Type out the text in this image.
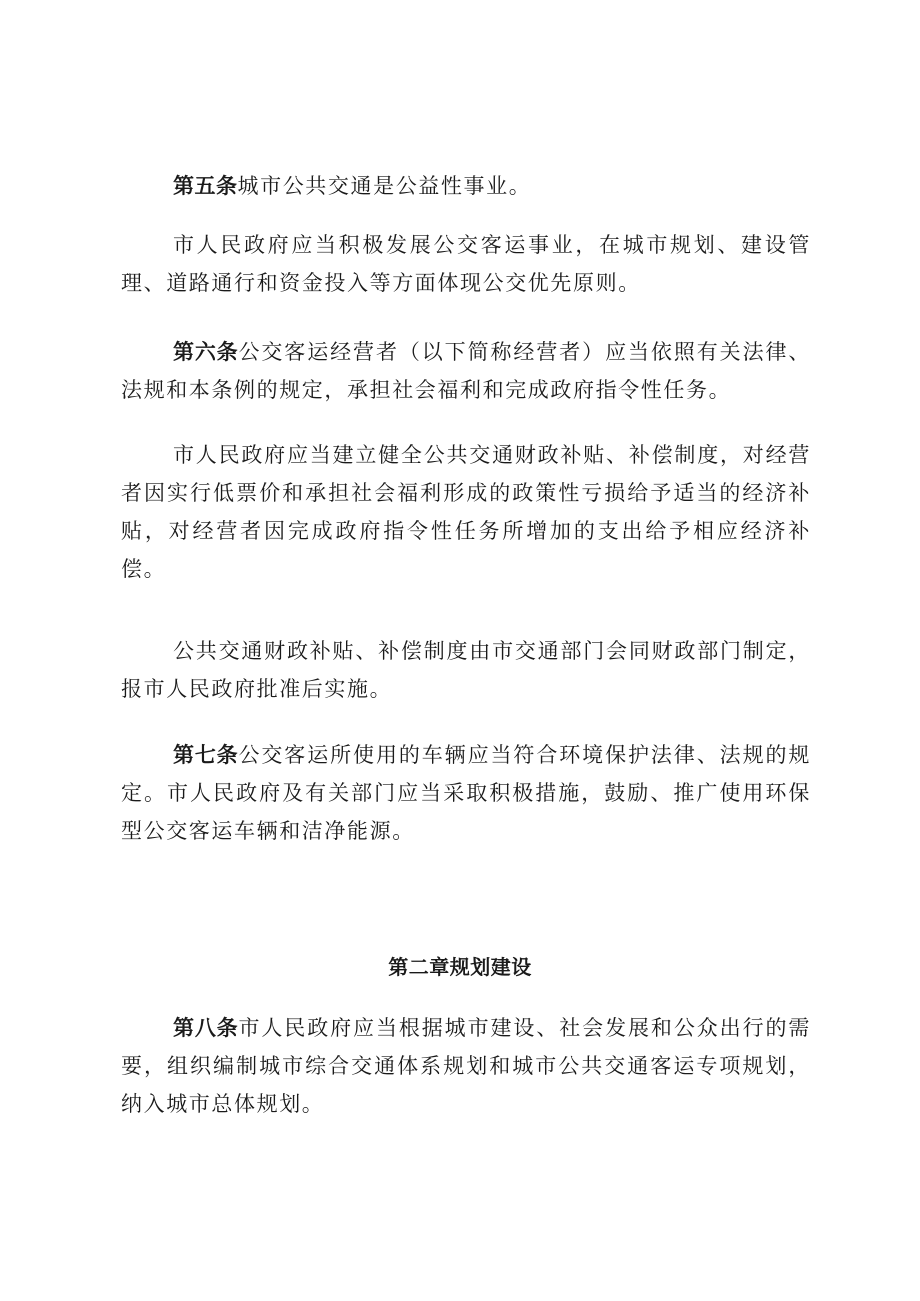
第五条城市公共交通是公益性事业。

市人民政府应当积极发展公交客运事业，在城市规划、建设管理、道路通行和资金投入等方面体现公交优先原则。

第六条公交客运经营者（以下简称经营者）应当依照有关法律、法规和本条例的规定，承担社会福利和完成政府指令性任务。

市人民政府应当建立健全公共交通财政补贴、补偿制度，对经营者因实行低票价和承担社会福利形成的政策性亏损给予适当的经济补贴，对经营者因完成政府指令性任务所增加的支出给予相应经济补偿。

公共交通财政补贴、补偿制度由市交通部门会同财政部门制定，报市人民政府批准后实施。

第七条公交客运所使用的车辆应当符合环境保护法律、法规的规定。市人民政府及有关部门应当采取积极措施，鼓励、推广使用环保型公交客运车辆和洁净能源。

第二章规划建设

第八条市人民政府应当根据城市建设、社会发展和公众出行的需要，组织编制城市综合交通体系规划和城市公共交通客运专项规划，纳入城市总体规划。
